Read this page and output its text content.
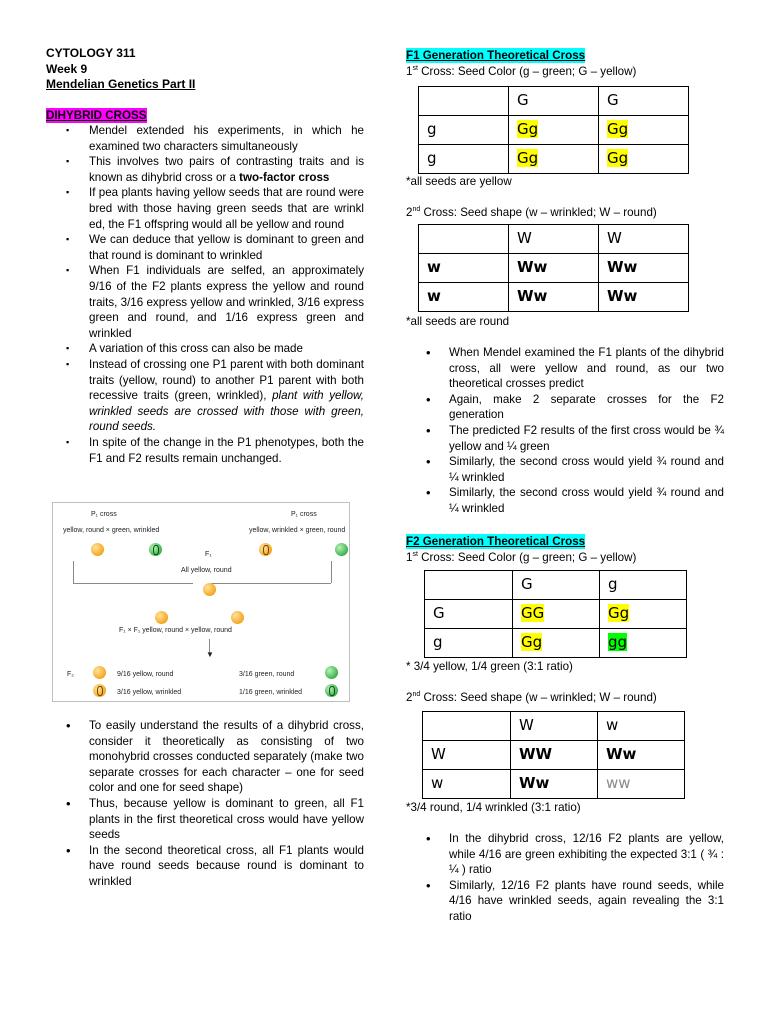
CYTOLOGY 311
Week 9
Mendelian Genetics Part II
DIHYBRID CROSS
▪ Mendel extended his experiments, in which he examined two characters simultaneously
▪ This involves two pairs of contrasting traits and is known as dihybrid cross or a two-factor cross
▪ If pea plants having yellow seeds that are round were bred with those having green seeds that are wrinkl ed, the F1 offspring would all be yellow and round
▪ We can deduce that yellow is dominant to green and that round is dominant to wrinkled
▪ When F1 individuals are selfed, an approximately 9/16 of the F2 plants express the yellow and round traits, 3/16 express yellow and wrinkled, 3/16 express green and round, and 1/16 express green and wrinkled
▪ A variation of this cross can also be made
▪ Instead of crossing one P1 parent with both dominant traits (yellow, round) to another P1 parent with both recessive traits (green, wrinkled), plant with yellow, wrinkled seeds are crossed with those with green, round seeds.
▪ In spite of the change in the P1 phenotypes, both the F1 and F2 results remain unchanged.
• To easily understand the results of a dihybrid cross, consider it theoretically as consisting of two monohybrid crosses conducted separately (make two separate crosses for each character – one for seed color and one for seed shape)
• Thus, because yellow is dominant to green, all F1 plants in the first theoretical cross would have yellow seeds
• In the second theoretical cross, all F1 plants would have round seeds because round is dominant to wrinkled
P₁ cross
yellow, round × green, wrinkled
P₁ cross
yellow, wrinkled × green, round
F₁
All yellow, round
F₁ × F₁ yellow, round × yellow, round
▼
F₂	9/16 yellow, round	3/16 green, round
3/16 yellow, wrinkled	1/16 green, wrinkled
F1 Generation Theoretical Cross
1st Cross: Seed Color (g – green; G – yellow)
	G	G
g	Gg	Gg
g	Gg	Gg
*all seeds are yellow
2nd Cross: Seed shape (w – wrinkled; W – round)
	W	W
w	Ww	Ww
w	Ww	Ww
*all seeds are round
• When Mendel examined the F1 plants of the dihybrid cross, all were yellow and round, as our two theoretical crosses predict
• Again, make 2 separate crosses for the F2 generation
• The predicted F2 results of the first cross would be ¾ yellow and ¼ green
• Similarly, the second cross would yield ¾ round and ¼ wrinkled
• Similarly, the second cross would yield ¾ round and ¼ wrinkled
F2 Generation Theoretical Cross
1st Cross: Seed Color (g – green; G – yellow)
	G	g
G	GG	Gg
g	Gg	gg
* 3/4 yellow, 1/4 green (3:1 ratio)
2nd Cross: Seed shape (w – wrinkled; W – round)
	W	w
W	WW	Ww
w	Ww	ww
*3/4 round, 1/4 wrinkled (3:1 ratio)
• In the dihybrid cross, 12/16 F2 plants are yellow, while 4/16 are green exhibiting the expected 3:1 ( ¾ : ¼ ) ratio
• Similarly, 12/16 F2 plants have round seeds, while 4/16 have wrinkled seeds, again revealing the 3:1 ratio
